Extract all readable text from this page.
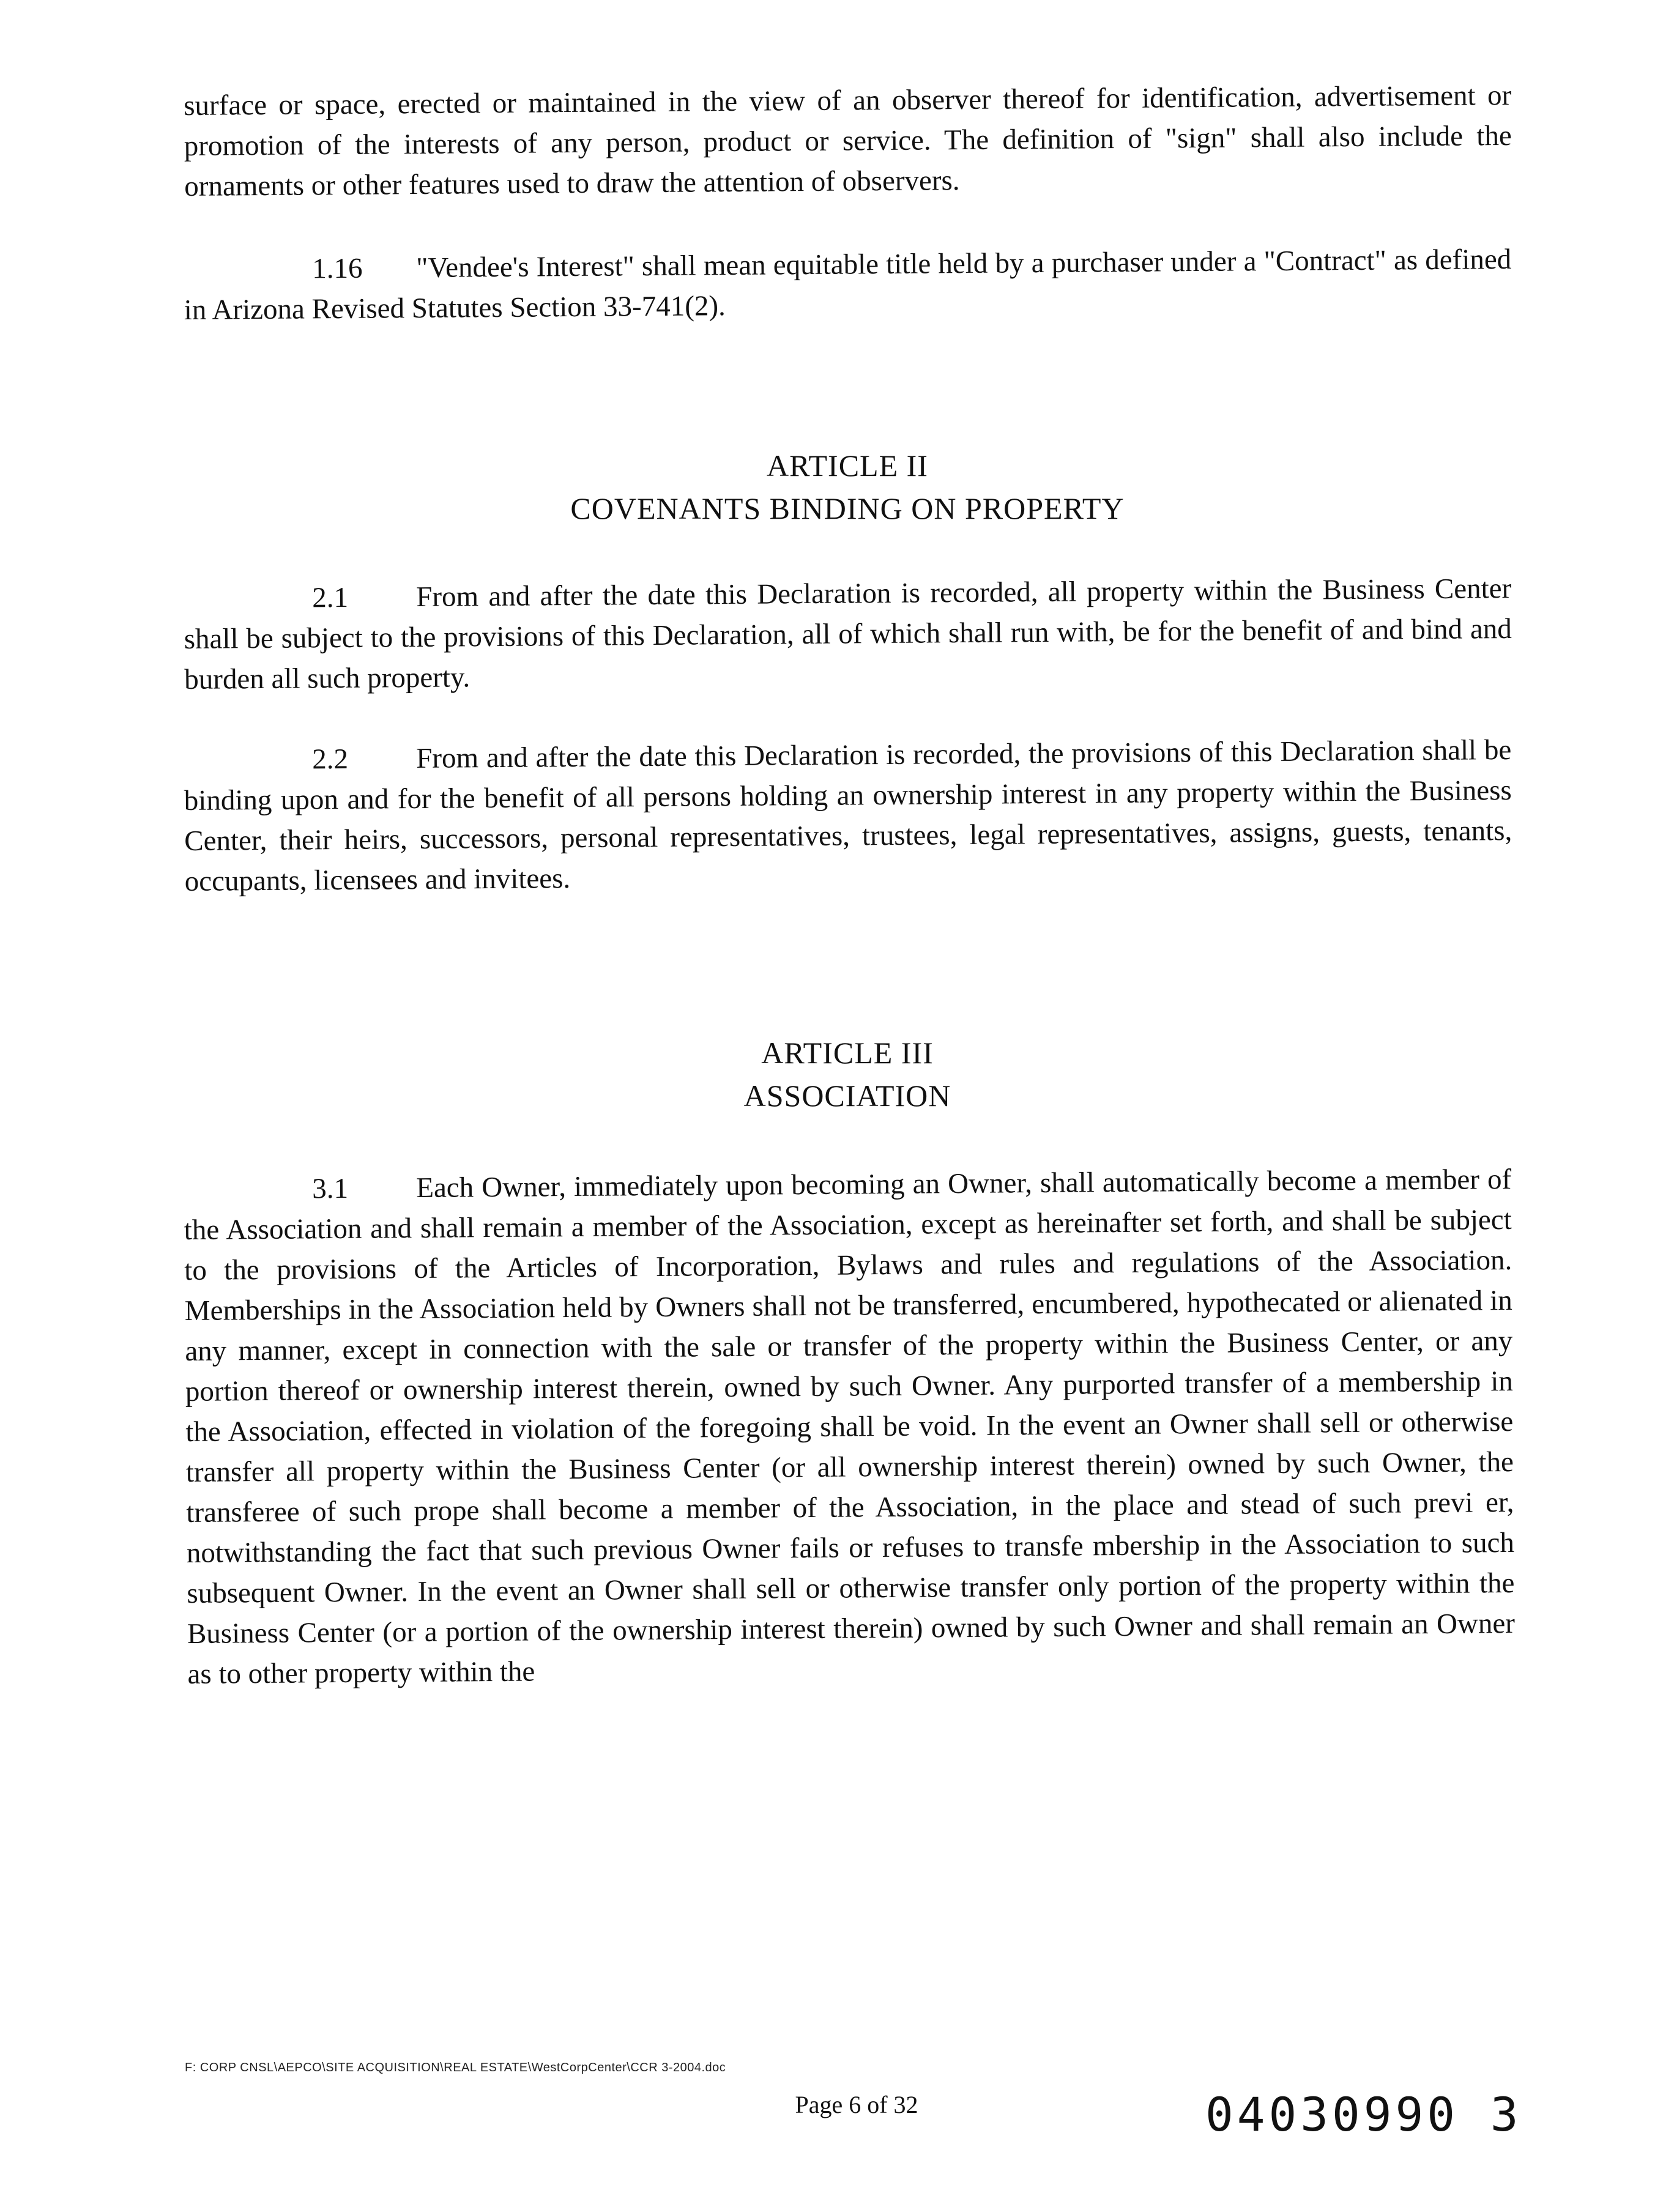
surface or space, erected or maintained in the view of an observer thereof for identification, advertisement or promotion of the interests of any person, product or service. The definition of "sign" shall also include the ornaments or other features used to draw the attention of observers.

1.16 "Vendee's Interest" shall mean equitable title held by a purchaser under a "Contract" as defined in Arizona Revised Statutes Section 33-741(2).

ARTICLE II

COVENANTS BINDING ON PROPERTY

2.1 From and after the date this Declaration is recorded, all property within the Business Center shall be subject to the provisions of this Declaration, all of which shall run with, be for the benefit of and bind and burden all such property.

2.2 From and after the date this Declaration is recorded, the provisions of this Declaration shall be binding upon and for the benefit of all persons holding an ownership interest in any property within the Business Center, their heirs, successors, personal representatives, trustees, legal representatives, assigns, guests, tenants, occupants, licensees and invitees.

ARTICLE III

ASSOCIATION

3.1 Each Owner, immediately upon becoming an Owner, shall automatically become a member of the Association and shall remain a member of the Association, except as hereinafter set forth, and shall be subject to the provisions of the Articles of Incorporation, Bylaws and rules and regulations of the Association. Memberships in the Association held by Owners shall not be transferred, encumbered, hypothecated or alienated in any manner, except in connection with the sale or transfer of the property within the Business Center, or any portion thereof or ownership interest therein, owned by such Owner. Any purported transfer of a membership in the Association, effected in violation of the foregoing shall be void. In the event an Owner shall sell or otherwise transfer all property within the Business Center (or all ownership interest therein) owned by such Owner, the transferee of such prope shall become a member of the Association, in the place and stead of such previ er, notwithstanding the fact that such previous Owner fails or refuses to transfe mbership in the Association to such subsequent Owner. In the event an Owner shall sell or otherwise transfer only portion of the property within the Business Center (or a portion of the ownership interest therein) owned by such Owner and shall remain an Owner as to other property within the

F: CORP CNSL\AEPCO\SITE ACQUISITION\REAL ESTATE\WestCorpCenter\CCR 3-2004.doc
Page 6 of 32	04030990 3
